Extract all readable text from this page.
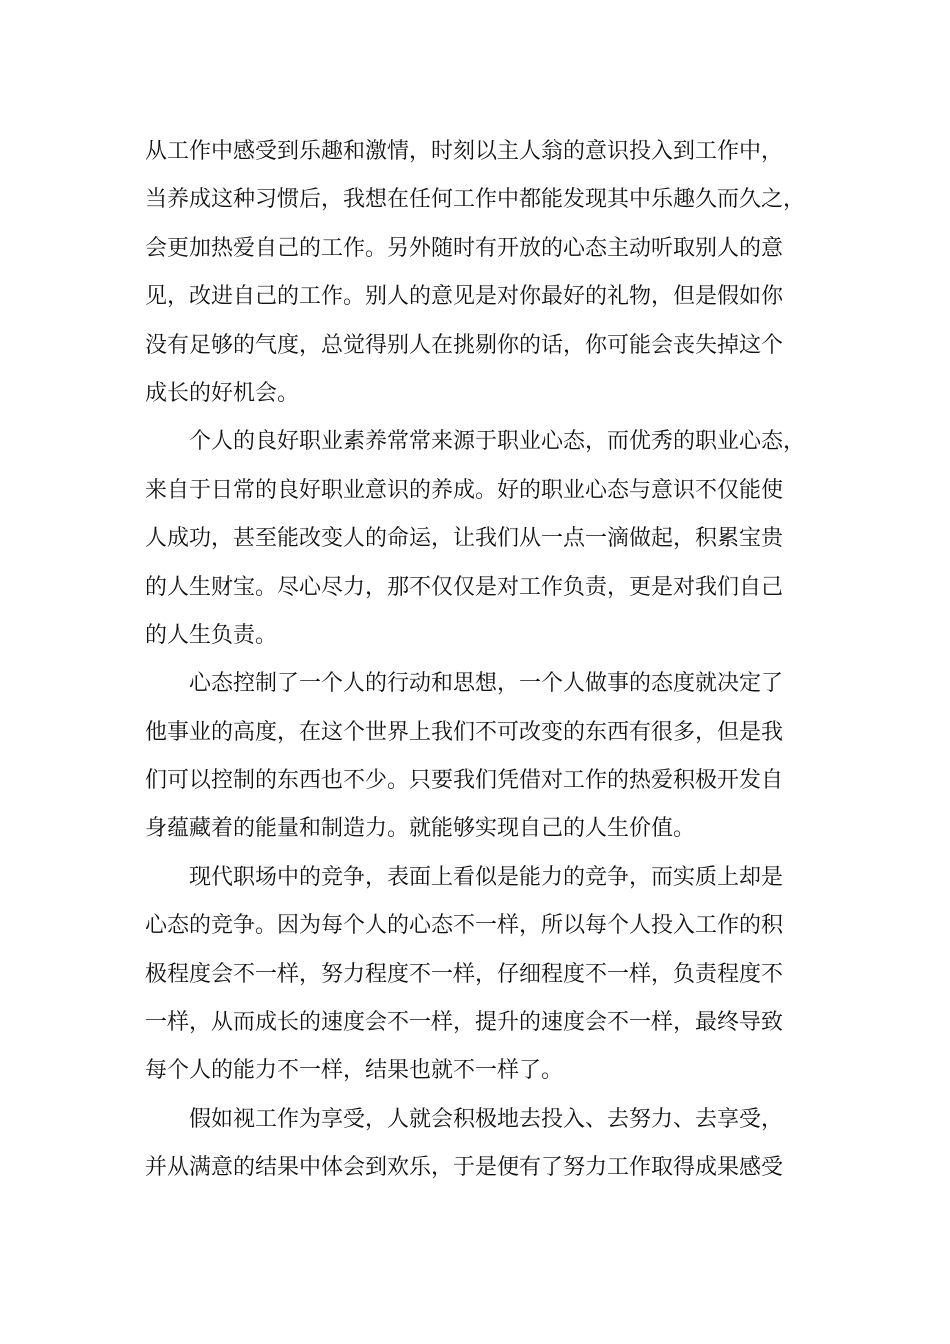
从工作中感受到乐趣和激情，时刻以主人翁的意识投入到工作中，
当养成这种习惯后，我想在任何工作中都能发现其中乐趣久而久之，
会更加热爱自己的工作。另外随时有开放的心态主动听取别人的意
见，改进自己的工作。别人的意见是对你最好的礼物，但是假如你
没有足够的气度，总觉得别人在挑剔你的话，你可能会丧失掉这个
成长的好机会。
个人的良好职业素养常常来源于职业心态，而优秀的职业心态，
来自于日常的良好职业意识的养成。好的职业心态与意识不仅能使
人成功，甚至能改变人的命运，让我们从一点一滴做起，积累宝贵
的人生财宝。尽心尽力，那不仅仅是对工作负责，更是对我们自己
的人生负责。
心态控制了一个人的行动和思想，一个人做事的态度就决定了
他事业的高度，在这个世界上我们不可改变的东西有很多，但是我
们可以控制的东西也不少。只要我们凭借对工作的热爱积极开发自
身蕴藏着的能量和制造力。就能够实现自己的人生价值。
现代职场中的竞争，表面上看似是能力的竞争，而实质上却是
心态的竞争。因为每个人的心态不一样，所以每个人投入工作的积
极程度会不一样，努力程度不一样，仔细程度不一样，负责程度不
一样，从而成长的速度会不一样，提升的速度会不一样，最终导致
每个人的能力不一样，结果也就不一样了。
假如视工作为享受，人就会积极地去投入、去努力、去享受，
并从满意的结果中体会到欢乐，于是便有了努力工作取得成果感受
